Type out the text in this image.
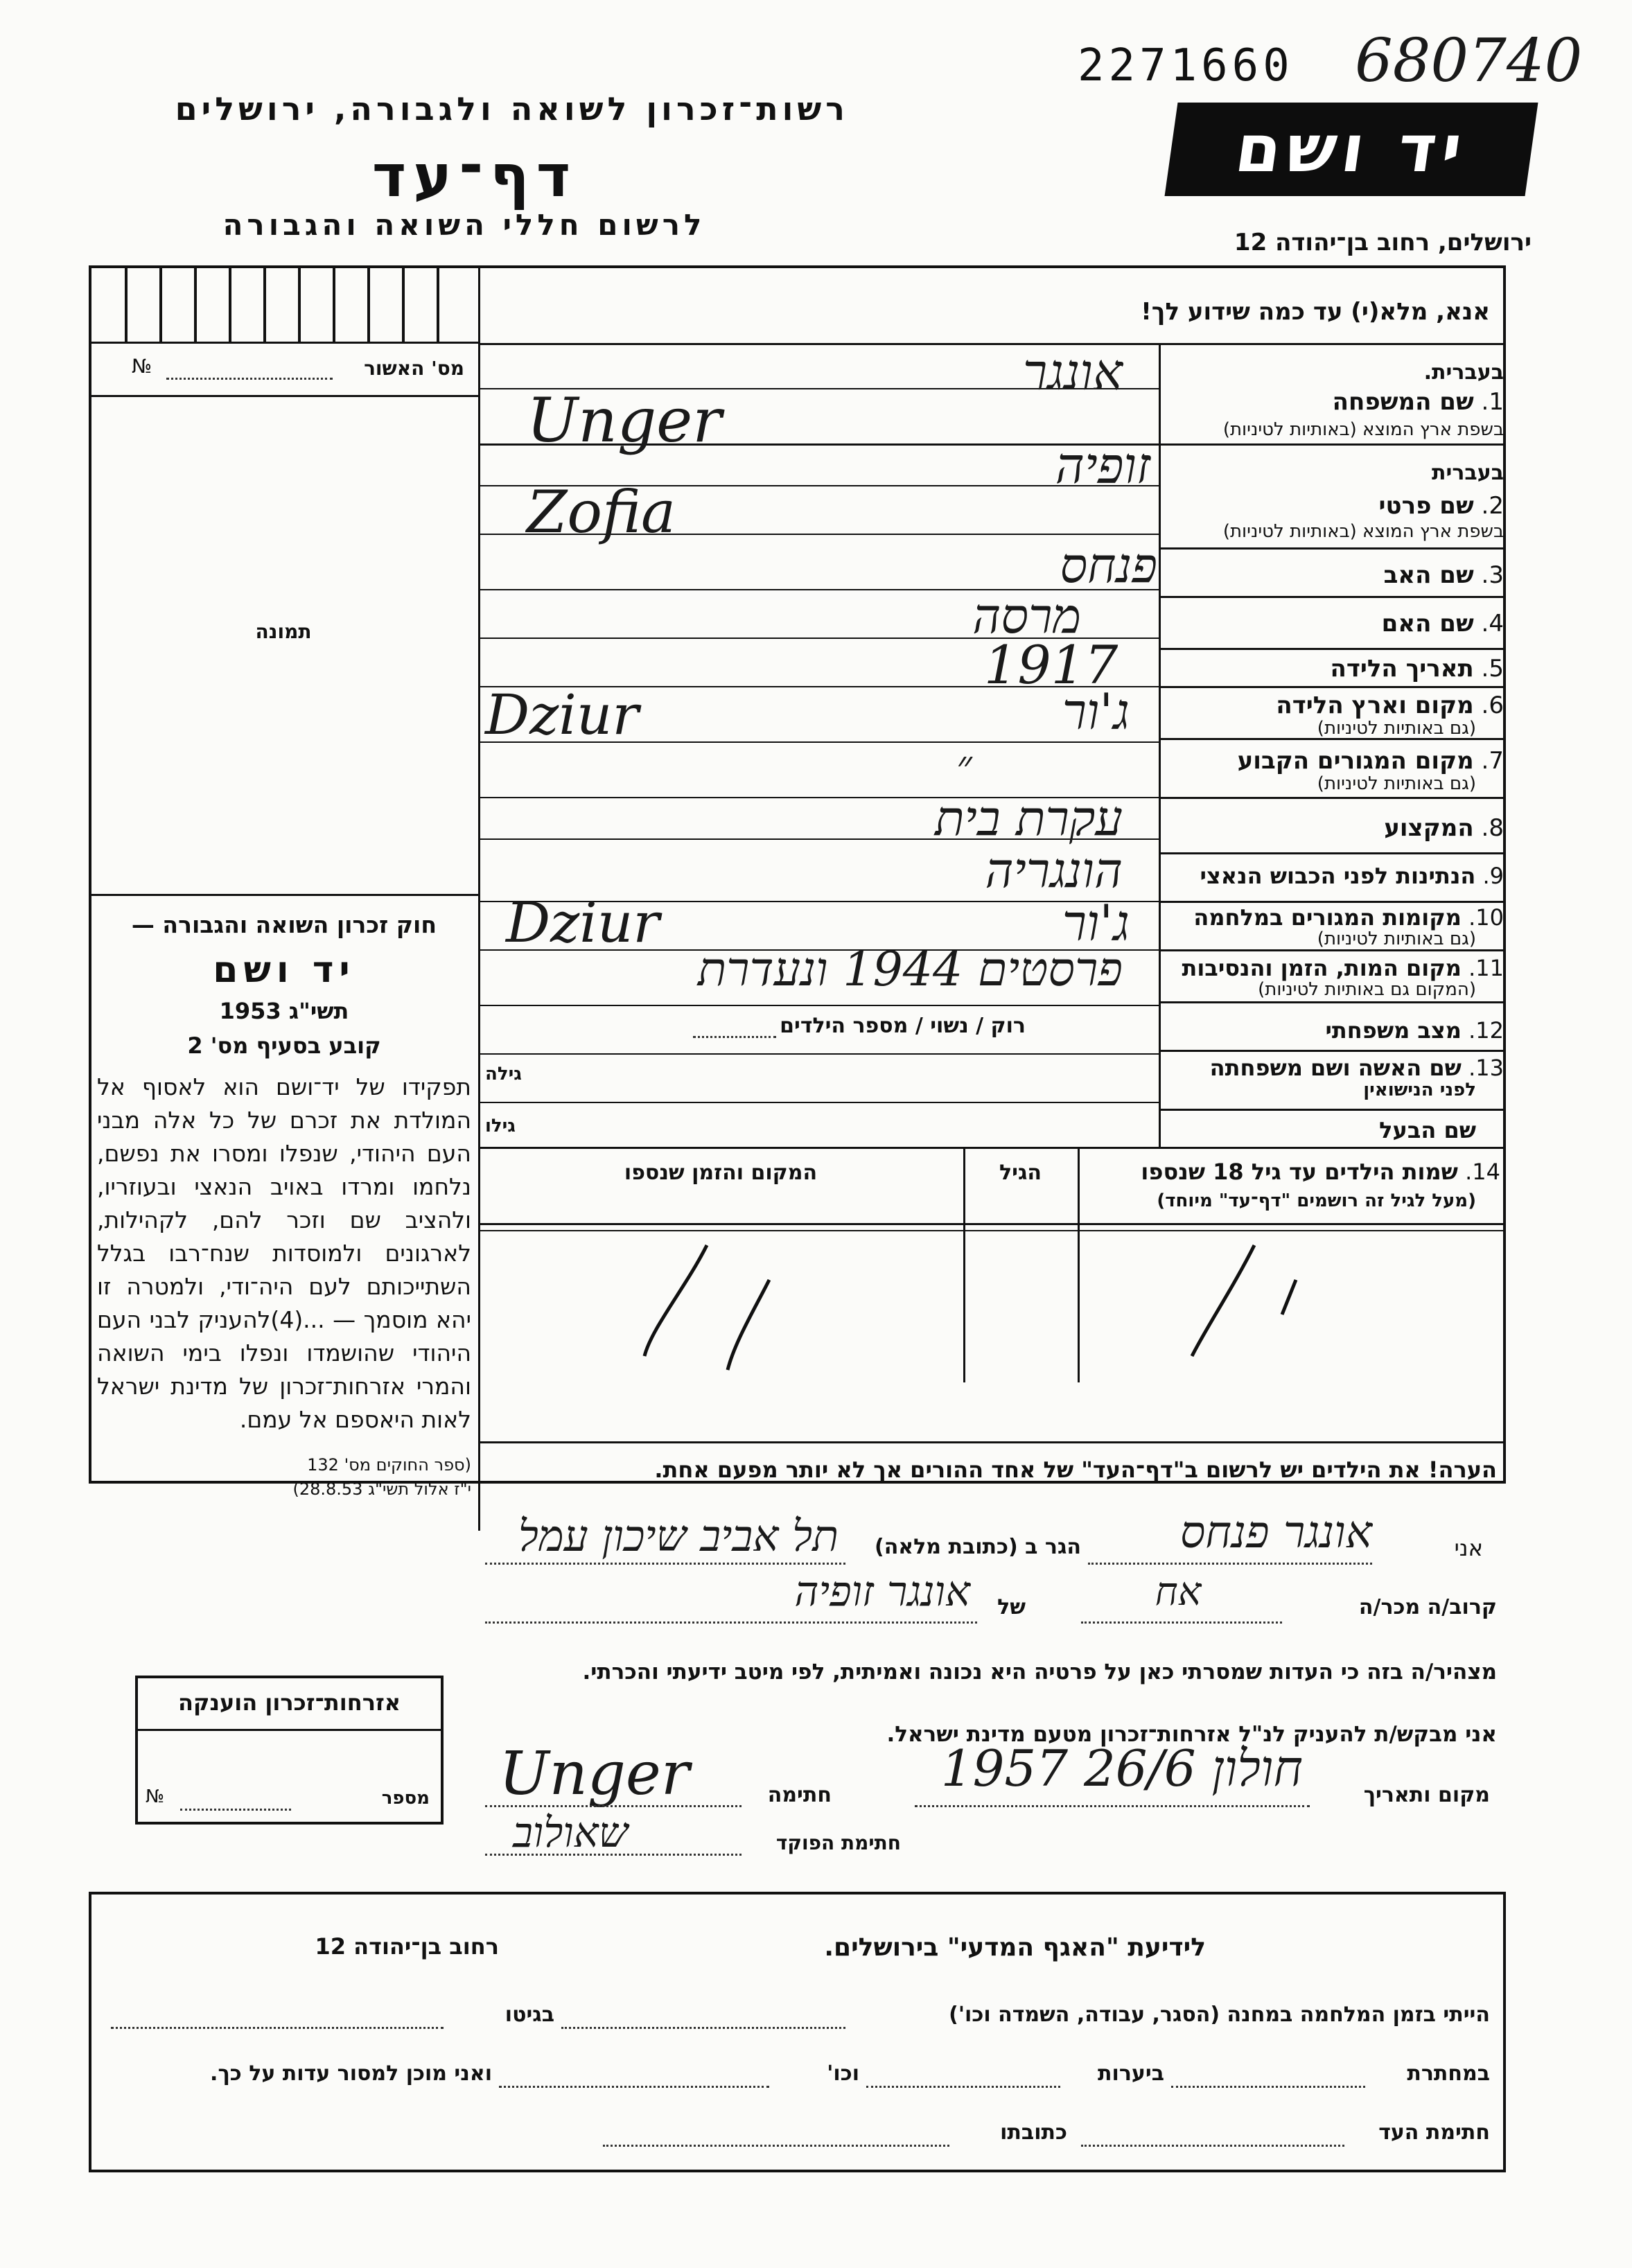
2271660 680740
רשות־זכרון לשואה ולגבורה, ירושלים
דף־עד
לרשום חללי השואה והגבורה
יד ושם
ירושלים, רחוב בן־יהודה 12
אנא, מלא(י) עד כמה שידוע לך!
בעברית.
1. שם המשפחה
בשפת ארץ המוצא (באותיות לטיניות)
בעברית
2. שם פרטי
בשפת ארץ המוצא (באותיות לטיניות)
3. שם האב
4. שם האם
5. תאריך הלידה
6. מקום וארץ הלידה
(גם באותיות לטיניות)
7. מקום המגורים הקבוע
(גם באותיות לטיניות)
8. המקצוע
9. הנתינות לפני הכבוש הנאצי
10. מקומות המגורים במלחמה
(גם באותיות לטיניות)
11. מקום המות, הזמן והנסיבות
(המקום גם באותיות לטיניות)
12. מצב משפחתי
13. שם האשה ושם משפחתה
לפני הנישואין
שם הבעל
אונגר
Unger
זופיה
Zofia
פנחס
מרסה
1917
ג'ור
Dziur
״
עקרת בית
הונגריה
ג'ור
Dziur
פרסטים 1944 ונעדרת
רוק / נשוי / מספר הילדים
גילה
גילו
14. שמות הילדים עד גיל 18 שנספו
(מעל לגיל זה רושמים "דף־עד" מיוחד)
הגיל
המקום והזמן שנספו
הערה! את הילדים יש לרשום ב"דף־העד" של אחד ההורים אך לא יותר מפעם אחת.
מס' האשור
№
תמונה
חוק זכרון השואה והגבורה —
יד ושם
תשי"ג 1953
קובע בסעיף מס' 2
תפקידו של יד־ושם הוא לאסוף אל המולדת את זכרם של כל אלה מבני העם היהודי, שנפלו ומסרו את נפשם, נלחמו ומרדו באויב הנאצי ובעוזריו, ולהציב שם וזכר להם, לקהילות, לארגונים ולמוסדות שנח־רבו בגלל השתייכותם לעם היה־ודי, ולמטרה זו יהא מוסמך — ...(4)להעניק לבני העם היהודי שהושמדו ונפלו בימי השואה והמרי אזרחות־זכרון של מדינת ישראל לאות היאספם אל עמם.
(ספר החוקים מס' 132
י"ז אלול תשי"ג 28.8.53)
אני
אונגר פנחס
הגר ב (כתובת מלאה)
תל אביב שיכון עמל
קרוב/ה מכר/ה
אח
של
אונגר זופיה
מצהיר/ה בזה כי העדות שמסרתי כאן על פרטיה היא נכונה ואמיתית, לפי מיטב ידיעתי והכרתי.
אני מבקש/ת להעניק לנ"ל אזרחות־זכרון מטעם מדינת ישראל.
מקום ותאריך
חולון 26/6 1957
חתימה
Unger
חתימת הפוקד
שאולוב
אזרחות־זכרון הוענקה
מספר
№
לידיעת "האגף המדעי" בירושלים.
רחוב בן־יהודה 12
הייתי בזמן המלחמה במחנה (הסגר, עבודה, השמדה וכו')
בגיטו
במחתרת
ביערות
וכו'
ואני מוכן למסור עדות על כך.
חתימת העד
כתובתו
